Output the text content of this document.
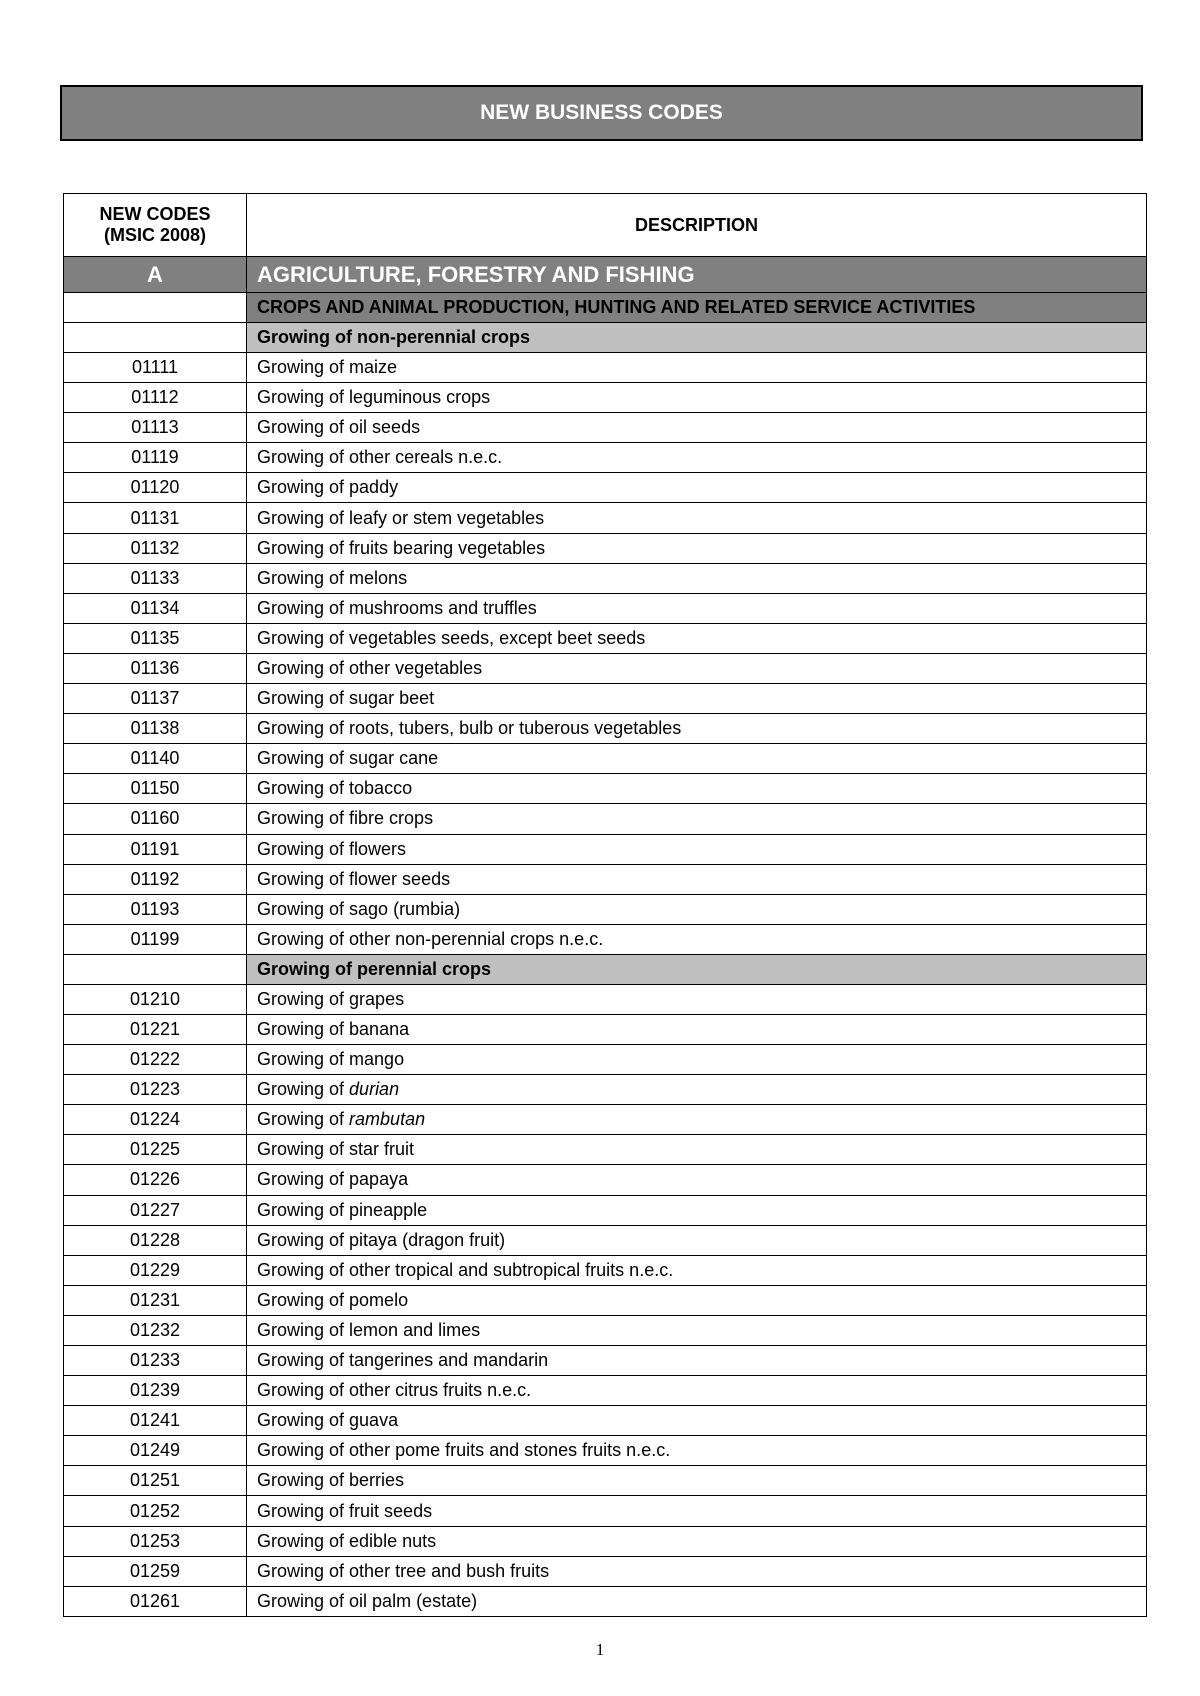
NEW BUSINESS CODES
NEW CODES
(MSIC 2008)	DESCRIPTION
A	AGRICULTURE, FORESTRY AND FISHING
	CROPS AND ANIMAL PRODUCTION, HUNTING AND RELATED SERVICE ACTIVITIES
	Growing of non-perennial crops
01111	Growing of maize
01112	Growing of leguminous crops
01113	Growing of oil seeds
01119	Growing of other cereals n.e.c.
01120	Growing of paddy
01131	Growing of leafy or stem vegetables
01132	Growing of fruits bearing vegetables
01133	Growing of melons
01134	Growing of mushrooms and truffles
01135	Growing of vegetables seeds, except beet seeds
01136	Growing of other vegetables
01137	Growing of sugar beet
01138	Growing of roots, tubers, bulb or tuberous vegetables
01140	Growing of sugar cane
01150	Growing of tobacco
01160	Growing of fibre crops
01191	Growing of flowers
01192	Growing of flower seeds
01193	Growing of sago (rumbia)
01199	Growing of other non-perennial crops n.e.c.
	Growing of perennial crops
01210	Growing of grapes
01221	Growing of banana
01222	Growing of mango
01223	Growing of durian
01224	Growing of rambutan
01225	Growing of star fruit
01226	Growing of papaya
01227	Growing of pineapple
01228	Growing of pitaya (dragon fruit)
01229	Growing of other tropical and subtropical fruits n.e.c.
01231	Growing of pomelo
01232	Growing of lemon and limes
01233	Growing of tangerines and mandarin
01239	Growing of other citrus fruits n.e.c.
01241	Growing of guava
01249	Growing of other pome fruits and stones fruits n.e.c.
01251	Growing of berries
01252	Growing of fruit seeds
01253	Growing of edible nuts
01259	Growing of other tree and bush fruits
01261	Growing of oil palm (estate)
1
